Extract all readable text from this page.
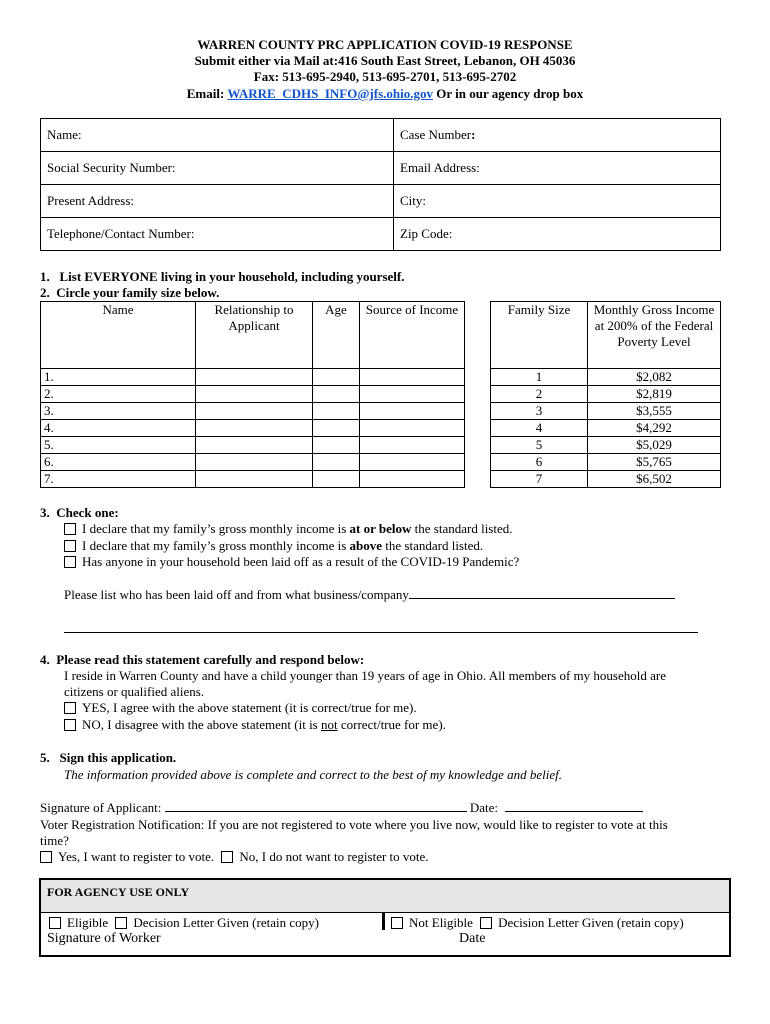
WARREN COUNTY PRC APPLICATION COVID-19 RESPONSE
Submit either via Mail at:416 South East Street, Lebanon, OH 45036
Fax: 513-695-2940, 513-695-2701, 513-695-2702
Email: WARRE_CDHS_INFO@jfs.ohio.gov Or in our agency drop box
Name:	Case Number:
Social Security Number:	Email Address:
Present Address:	City:
Telephone/Contact Number:	Zip Code:
1.   List EVERYONE living in your household, including yourself.
2.  Circle your family size below.
Name	Relationship to Applicant	Age	Source of Income
1.			
2.			
3.			
4.			
5.			
6.			
7.			
Family Size	Monthly Gross Income at 200% of the Federal Poverty Level
1	$2,082
2	$2,819
3	$3,555
4	$4,292
5	$5,029
6	$5,765
7	$6,502
3.  Check one:
I declare that my family’s gross monthly income is at or below the standard listed.
I declare that my family’s gross monthly income is above the standard listed.
Has anyone in your household been laid off as a result of the COVID-19 Pandemic?
Please list who has been laid off and from what business/company
4.  Please read this statement carefully and respond below:
I reside in Warren County and have a child younger than 19 years of age in Ohio. All members of my household are
citizens or qualified aliens.
YES, I agree with the above statement (it is correct/true for me).
NO, I disagree with the above statement (it is not correct/true for me).
5.   Sign this application.
The information provided above is complete and correct to the best of my knowledge and belief.
Signature of Applicant:	Date:
Voter Registration Notification: If you are not registered to vote where you live now, would like to register to vote at this
time?
Yes, I want to register to vote. No, I do not want to register to vote.
FOR AGENCY USE ONLY
Eligible Decision Letter Given (retain copy)	Not Eligible Decision Letter Given (retain copy)
Signature of Worker	Date
